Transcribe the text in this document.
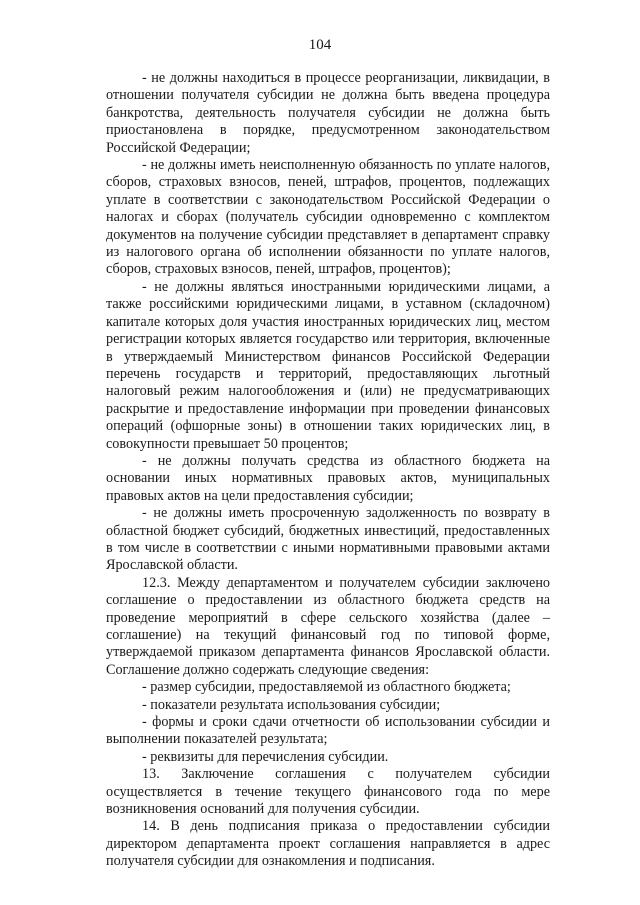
104

- не должны находиться в процессе реорганизации, ликвидации, в отношении получателя субсидии не должна быть введена процедура банкротства, деятельность получателя субсидии не должна быть приостановлена в порядке, предусмотренном законодательством Российской Федерации;

- не должны иметь неисполненную обязанность по уплате налогов, сборов, страховых взносов, пеней, штрафов, процентов, подлежащих уплате в соответствии с законодательством Российской Федерации о налогах и сборах (получатель субсидии одновременно с комплектом документов на получение субсидии представляет в департамент справку из налогового органа об исполнении обязанности по уплате налогов, сборов, страховых взносов, пеней, штрафов, процентов);

- не должны являться иностранными юридическими лицами, а также российскими юридическими лицами, в уставном (складочном) капитале которых доля участия иностранных юридических лиц, местом регистрации которых является государство или территория, включенные в утверждаемый Министерством финансов Российской Федерации перечень государств и территорий, предоставляющих льготный налоговый режим налогообложения и (или) не предусматривающих раскрытие и предоставление информации при проведении финансовых операций (офшорные зоны) в отношении таких юридических лиц, в совокупности превышает 50 процентов;

- не должны получать средства из областного бюджета на основании иных нормативных правовых актов, муниципальных правовых актов на цели предоставления субсидии;

- не должны иметь просроченную задолженность по возврату в областной бюджет субсидий, бюджетных инвестиций, предоставленных в том числе в соответствии с иными нормативными правовыми актами Ярославской области.

12.3. Между департаментом и получателем субсидии заключено соглашение о предоставлении из областного бюджета средств на проведение мероприятий в сфере сельского хозяйства (далее – соглашение) на текущий финансовый год по типовой форме, утверждаемой приказом департамента финансов Ярославской области. Соглашение должно содержать следующие сведения:

- размер субсидии, предоставляемой из областного бюджета;

- показатели результата использования субсидии;

- формы и сроки сдачи отчетности об использовании субсидии и выполнении показателей результата;

- реквизиты для перечисления субсидии.

13. Заключение соглашения с получателем субсидии осуществляется в течение текущего финансового года по мере возникновения оснований для получения субсидии.

14. В день подписания приказа о предоставлении субсидии директором департамента проект соглашения направляется в адрес получателя субсидии для ознакомления и подписания.
